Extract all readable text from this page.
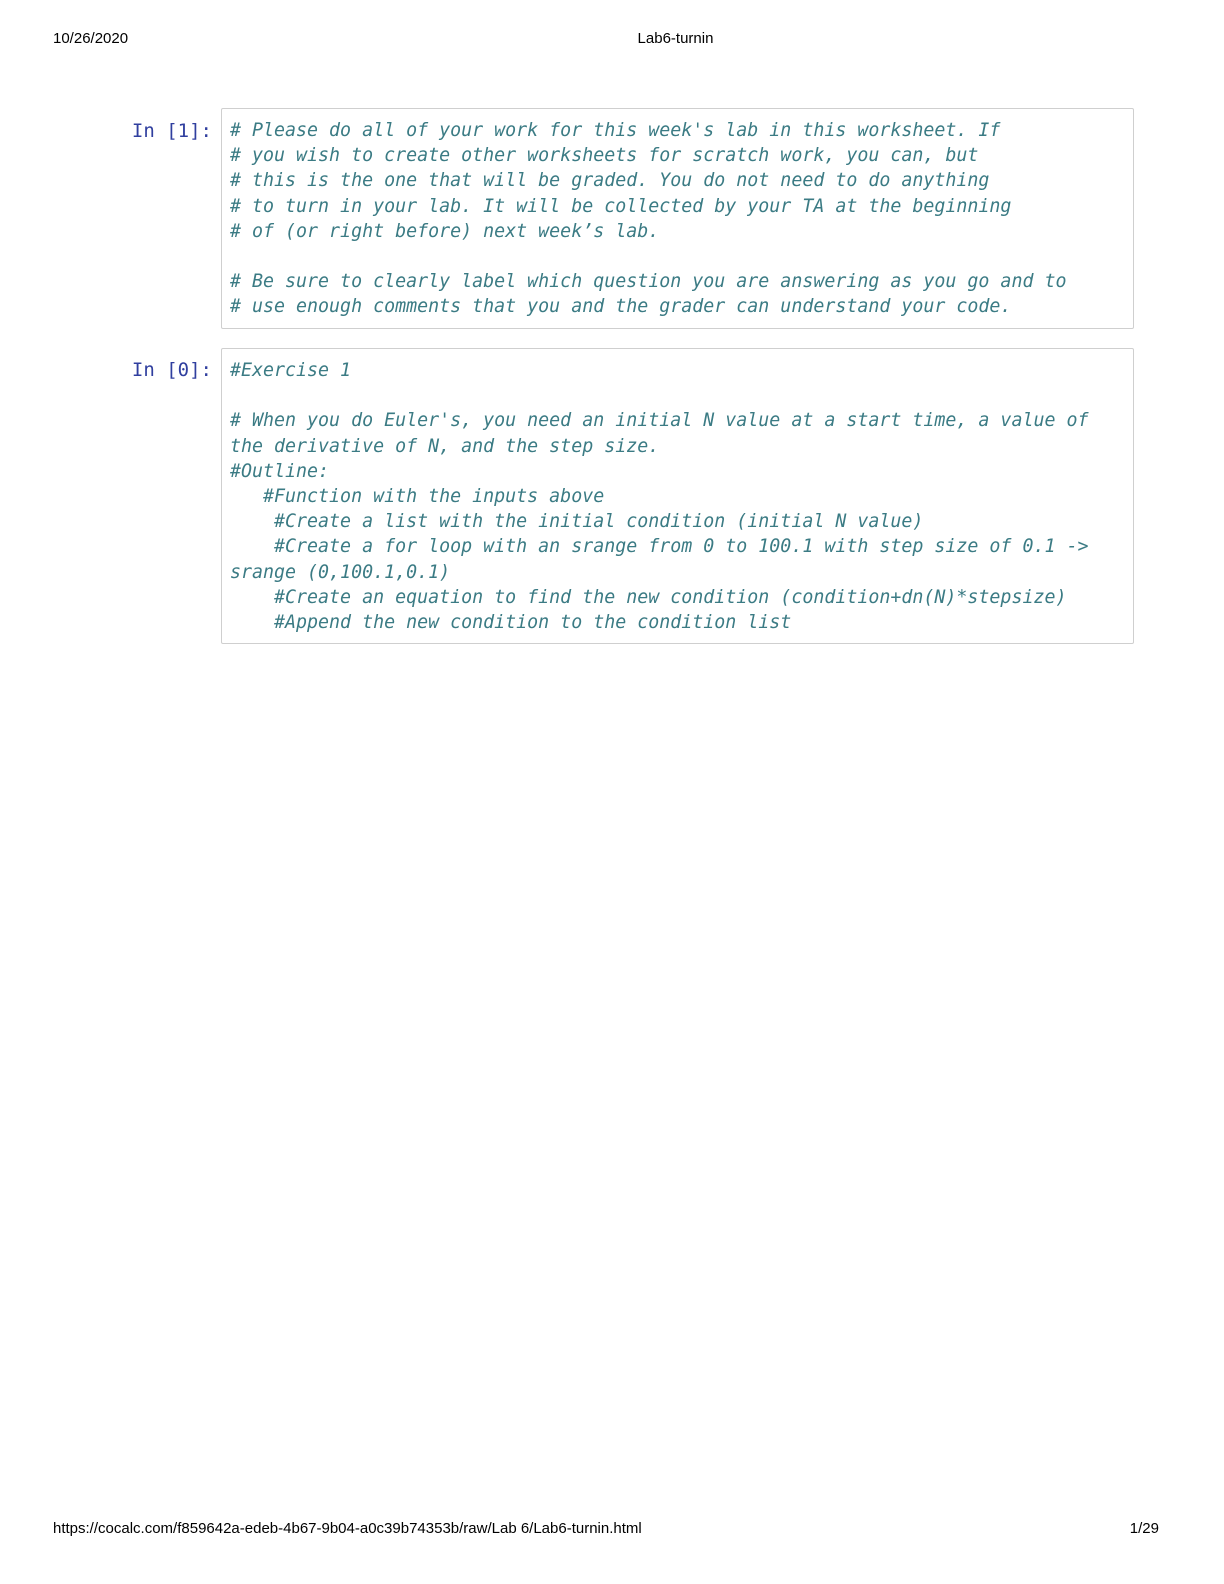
10/26/2020	Lab6-turnin
In [1]: # Please do all of your work for this week's lab in this worksheet. If
# you wish to create other worksheets for scratch work, you can, but
# this is the one that will be graded. You do not need to do anything
# to turn in your lab. It will be collected by your TA at the beginning
# of (or right before) next week’s lab.
# Be sure to clearly label which question you are answering as you go and to
# use enough comments that you and the grader can understand your code.
In [0]: #Exercise 1
# When you do Euler's, you need an initial N value at a start time, a value of
the derivative of N, and the step size.
#Outline:
#Function with the inputs above
#Create a list with the initial condition (initial N value)
#Create a for loop with an srange from 0 to 100.1 with step size of 0.1 ->
srange (0,100.1,0.1)
#Create an equation to find the new condition (condition+dn(N)*stepsize)
#Append the new condition to the condition list
https://cocalc.com/f859642a-edeb-4b67-9b04-a0c39b74353b/raw/Lab 6/Lab6-turnin.html	1/29
